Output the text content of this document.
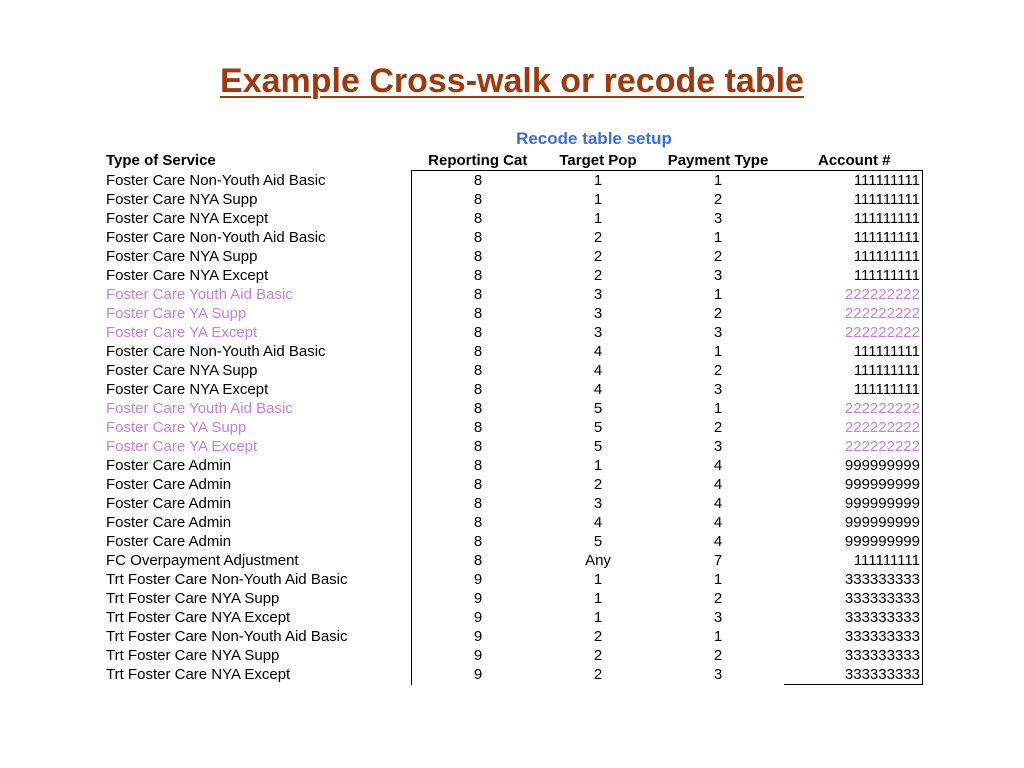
Example Cross-walk or recode table
Recode table setup
Type of Service	Reporting Cat	Target Pop	Payment Type	Account #
Foster Care Non-Youth Aid Basic	8	1	1	111111111
Foster Care NYA Supp	8	1	2	111111111
Foster Care NYA Except	8	1	3	111111111
Foster Care Non-Youth Aid Basic	8	2	1	111111111
Foster Care NYA Supp	8	2	2	111111111
Foster Care NYA Except	8	2	3	111111111
Foster Care Youth Aid Basic	8	3	1	222222222
Foster Care YA Supp	8	3	2	222222222
Foster Care YA Except	8	3	3	222222222
Foster Care Non-Youth Aid Basic	8	4	1	111111111
Foster Care NYA Supp	8	4	2	111111111
Foster Care NYA Except	8	4	3	111111111
Foster Care Youth Aid Basic	8	5	1	222222222
Foster Care YA Supp	8	5	2	222222222
Foster Care YA Except	8	5	3	222222222
Foster Care Admin	8	1	4	999999999
Foster Care Admin	8	2	4	999999999
Foster Care Admin	8	3	4	999999999
Foster Care Admin	8	4	4	999999999
Foster Care Admin	8	5	4	999999999
FC Overpayment Adjustment	8	Any	7	111111111
Trt Foster Care Non-Youth Aid Basic	9	1	1	333333333
Trt Foster Care NYA Supp	9	1	2	333333333
Trt Foster Care NYA Except	9	1	3	333333333
Trt Foster Care Non-Youth Aid Basic	9	2	1	333333333
Trt Foster Care NYA Supp	9	2	2	333333333
Trt Foster Care NYA Except	9	2	3	333333333
